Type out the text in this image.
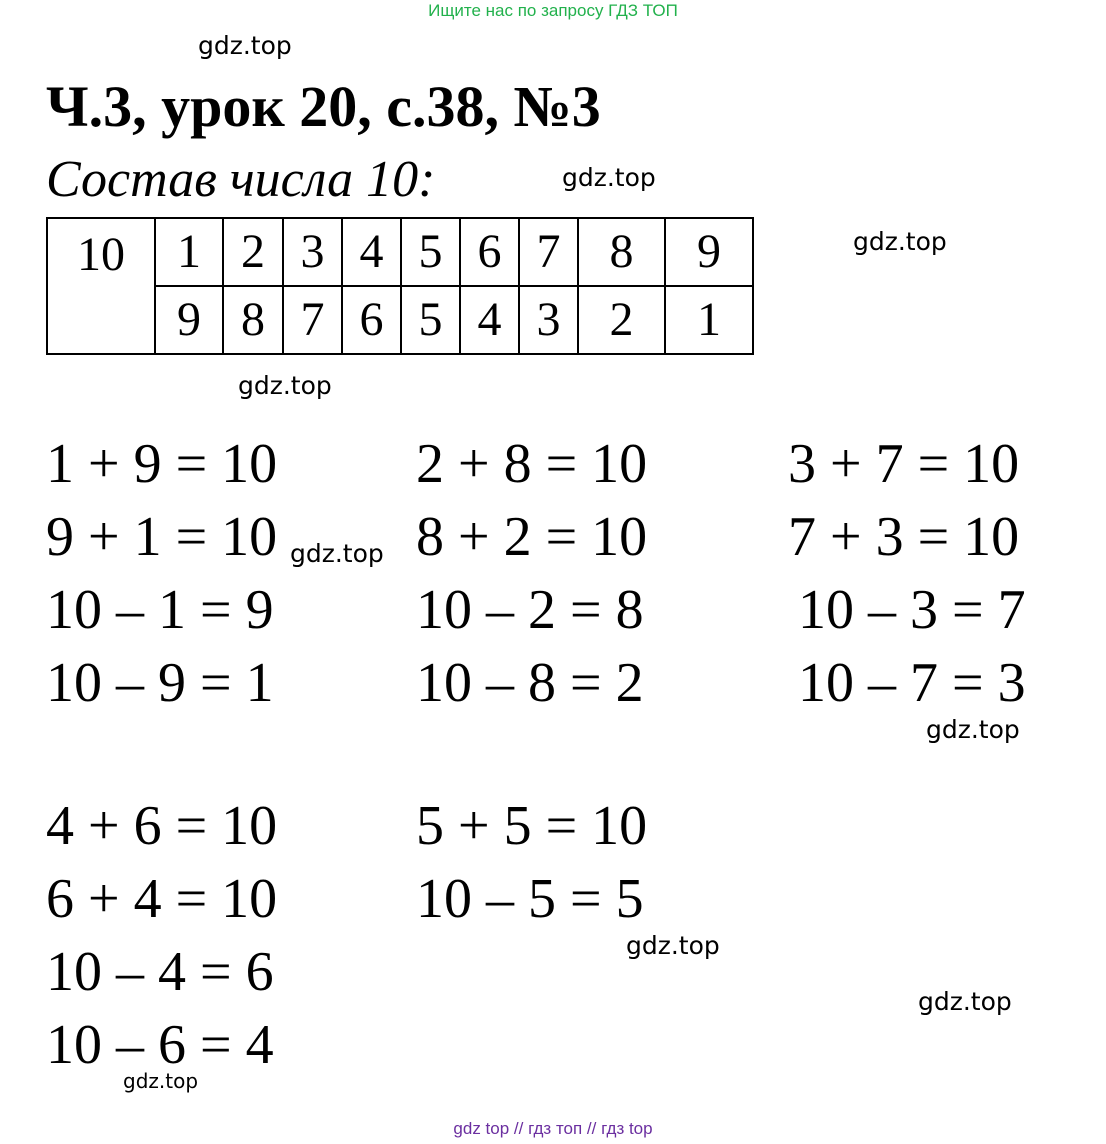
Ищите нас по запросу ГДЗ ТОП
gdz.top
Ч.3, урок 20, с.38, №3
Состав числа 10:	gdz.top
10	1	2	3	4	5	6	7	8	9
	9	8	7	6	5	4	3	2	1
gdz.top
gdz.top
1 + 9 = 10
9 + 1 = 10
10 – 1 = 9
10 – 9 = 1
2 + 8 = 10
8 + 2 = 10
10 – 2 = 8
10 – 8 = 2
3 + 7 = 10
7 + 3 = 10
10 – 3 = 7
10 – 7 = 3
gdz.top
gdz.top
4 + 6 = 10
6 + 4 = 10
10 – 4 = 6
10 – 6 = 4
5 + 5 = 10
10 – 5 = 5
gdz.top
gdz.top
gdz.top
gdz top // гдз топ // гдз top
